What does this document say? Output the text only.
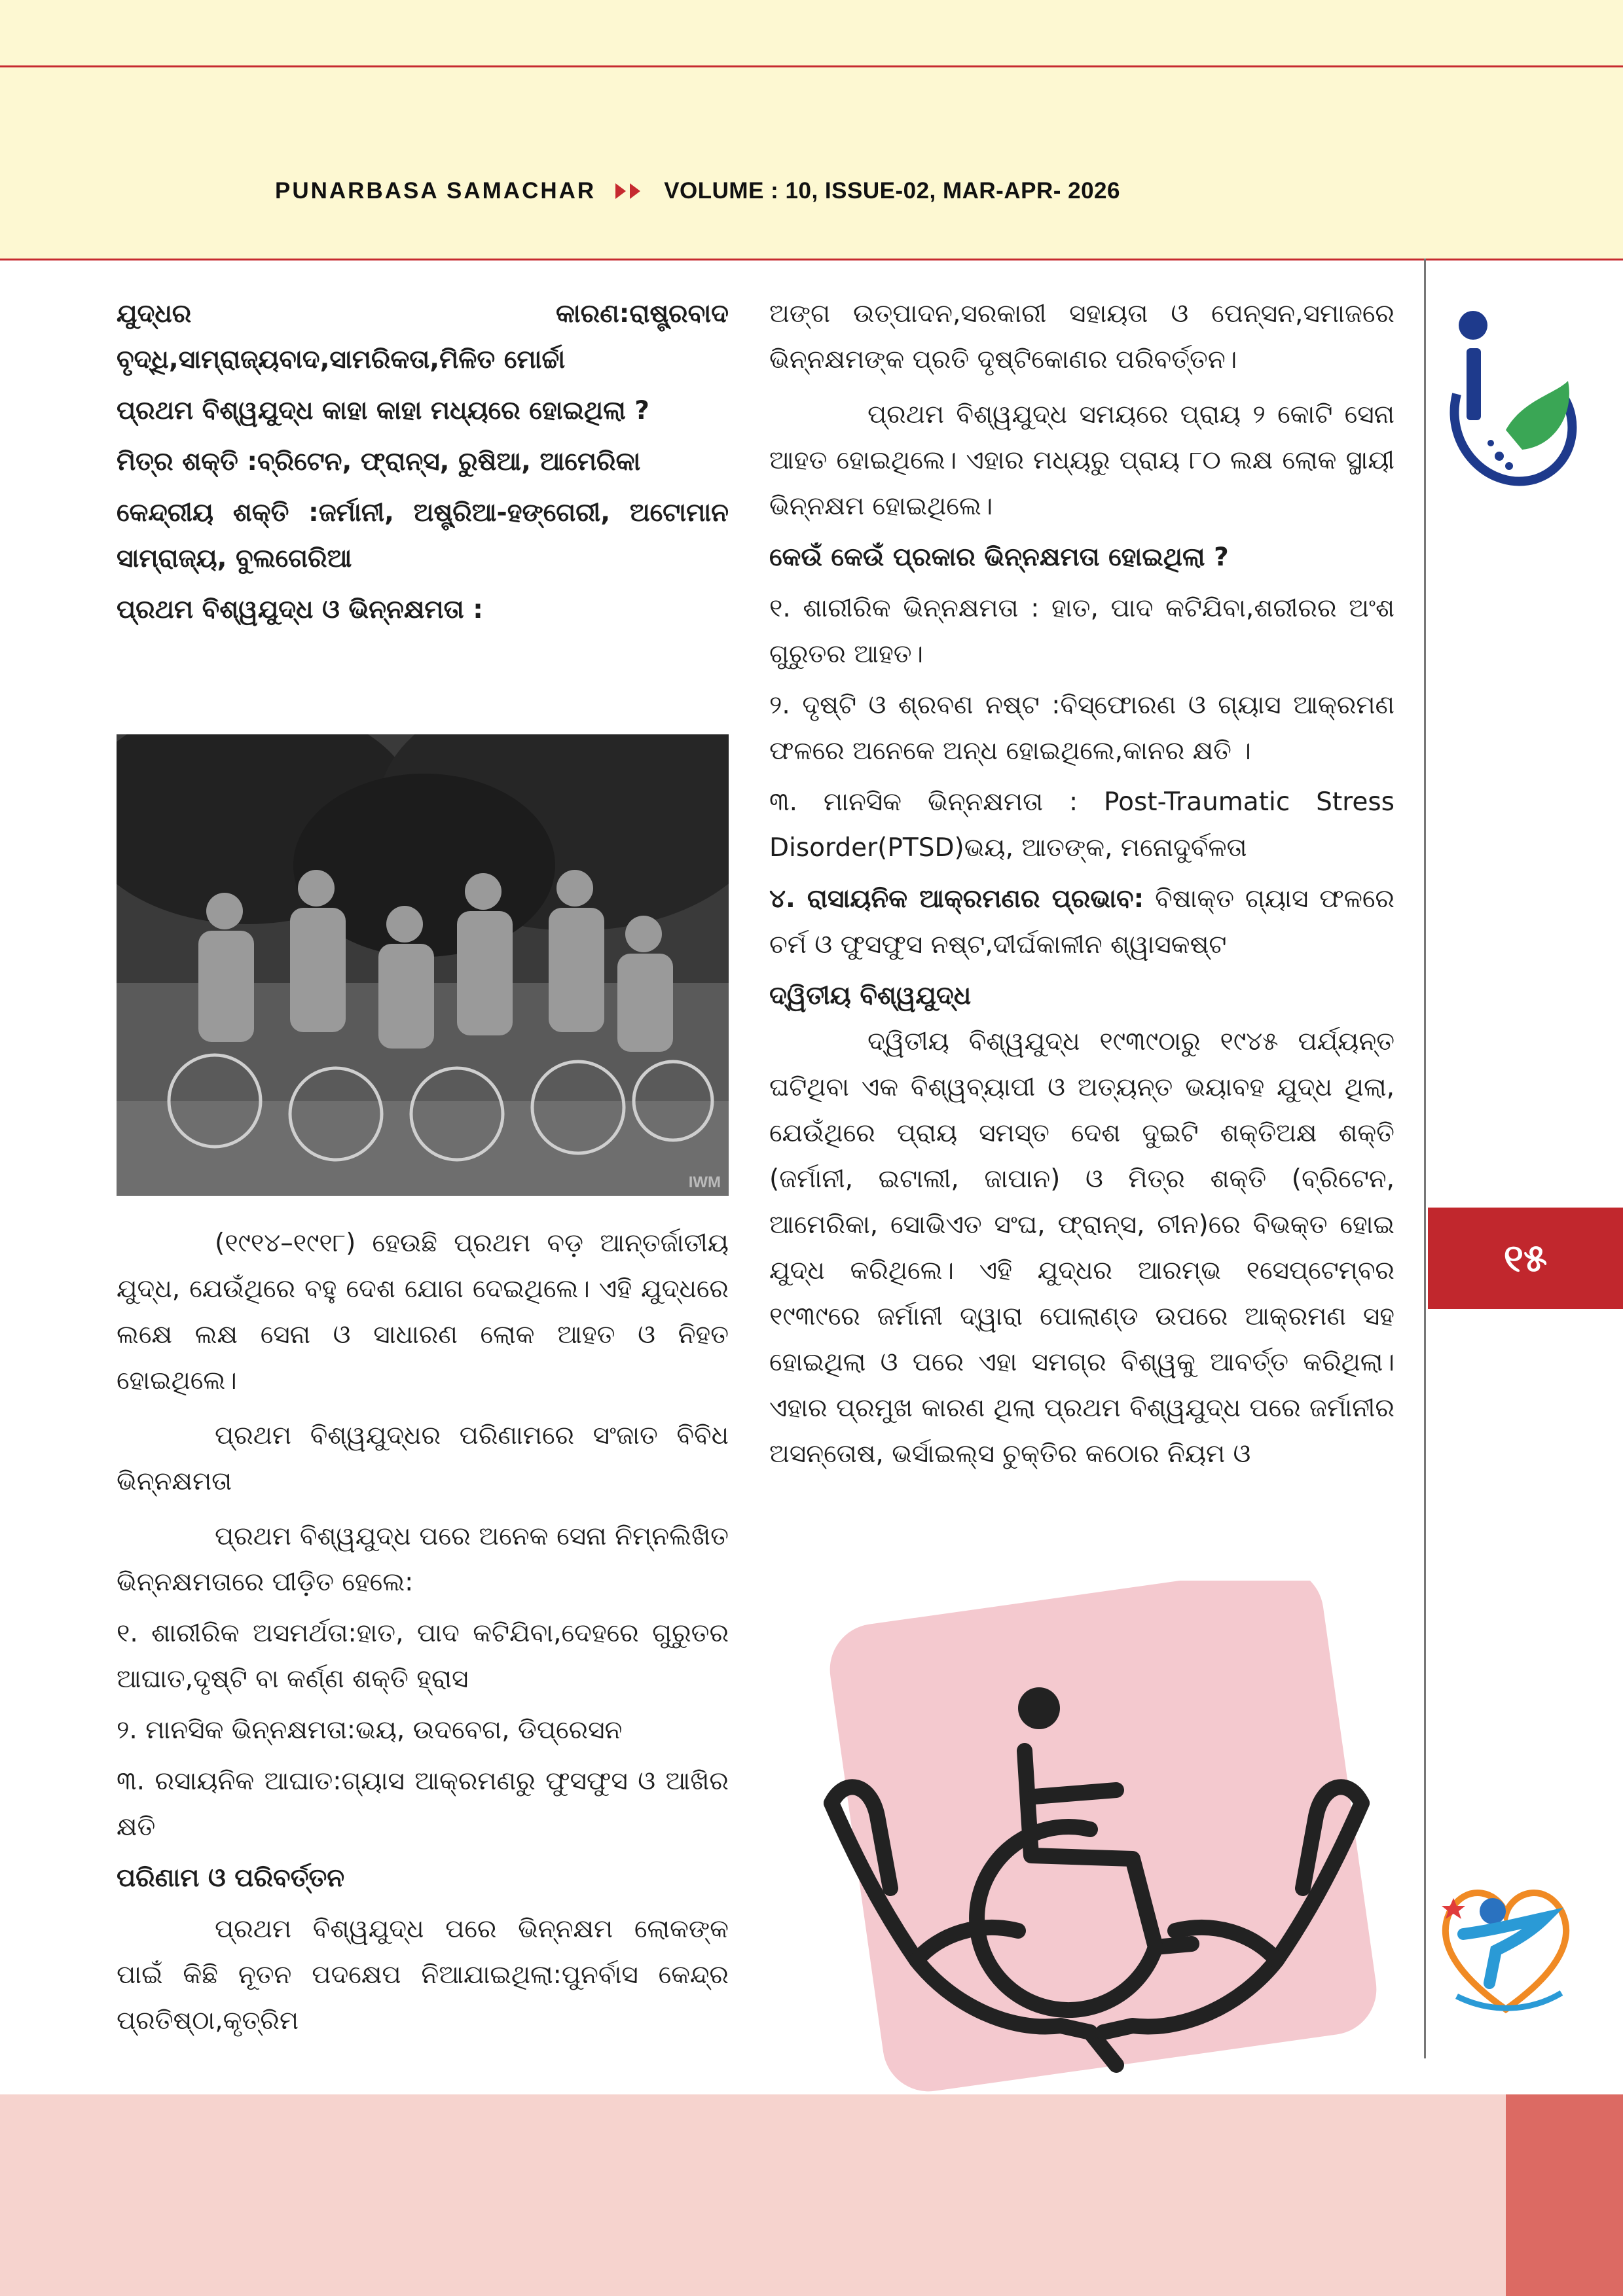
PUNARBASA SAMACHAR	VOLUME : 10, ISSUE-02, MAR-APR- 2026

ଯୁଦ୍ଧର କାରଣ:ରାଷ୍ଟ୍ରବାଦ ବୃଦ୍ଧି,ସାମ୍ରାଜ୍ୟବାଦ,ସାମରିକତା,ମିଳିତ ମୋର୍ଚ୍ଚା

ପ୍ରଥମ ବିଶ୍ୱଯୁଦ୍ଧ କାହା କାହା ମଧ୍ୟରେ ହୋଇଥିଲା ?

ମିତ୍ର ଶକ୍ତି :ବ୍ରିଟେନ, ଫ୍ରାନ୍ସ, ରୁଷିଆ, ଆମେରିକା

କେନ୍ଦ୍ରୀୟ ଶକ୍ତି :ଜର୍ମାନୀ, ଅଷ୍ଟ୍ରିଆ-ହଙ୍ଗେରୀ, ଅଟୋମାନ ସାମ୍ରାଜ୍ୟ, ବୁଲଗେରିଆ

ପ୍ରଥମ ବିଶ୍ୱଯୁଦ୍ଧ ଓ ଭିନ୍ନକ୍ଷମତା :

IWM

(୧୯୧୪–୧୯୧୮) ହେଉଛି ପ୍ରଥମ ବଡ଼ ଆନ୍ତର୍ଜାତୀୟ ଯୁଦ୍ଧ, ଯେଉଁଥିରେ ବହୁ ଦେଶ ଯୋଗ ଦେଇଥିଲେ। ଏହି ଯୁଦ୍ଧରେ ଲକ୍ଷେ ଲକ୍ଷ ସେନା ଓ ସାଧାରଣ ଲୋକ ଆହତ ଓ ନିହତ ହୋଇଥିଲେ।

ପ୍ରଥମ ବିଶ୍ୱଯୁଦ୍ଧର ପରିଣାମରେ ସଂଜାତ ବିବିଧ ଭିନ୍ନକ୍ଷମତା

ପ୍ରଥମ ବିଶ୍ୱଯୁଦ୍ଧ ପରେ ଅନେକ ସେନା ନିମ୍ନଲିଖିତ ଭିନ୍ନକ୍ଷମତାରେ ପୀଡ଼ିତ ହେଲେ:

୧. ଶାରୀରିକ ଅସମର୍ଥତା:ହାତ, ପାଦ କଟିଯିବା,ଦେହରେ ଗୁରୁତର ଆଘାତ,ଦୃଷ୍ଟି ବା କର୍ଣ୍ଣ ଶକ୍ତି ହ୍ରାସ

୨. ମାନସିକ ଭିନ୍ନକ୍ଷମତା:ଭୟ, ଉଦବେଗ, ଡିପ୍ରେସନ

୩. ରସାୟନିକ ଆଘାତ:ଗ୍ୟାସ ଆକ୍ରମଣରୁ ଫୁସଫୁସ ଓ ଆଖିର କ୍ଷତି

ପରିଣାମ ଓ ପରିବର୍ତ୍ତନ

ପ୍ରଥମ ବିଶ୍ୱଯୁଦ୍ଧ ପରେ ଭିନ୍ନକ୍ଷମ ଲୋକଙ୍କ ପାଇଁ କିଛି ନୂତନ ପଦକ୍ଷେପ ନିଆଯାଇଥିଲା:ପୁନର୍ବାସ କେନ୍ଦ୍ର ପ୍ରତିଷ୍ଠା,କୃତ୍ରିମ

ଅଙ୍ଗ ଉତ୍ପାଦନ,ସରକାରୀ ସହାୟତା ଓ ପେନ୍ସନ,ସମାଜରେ ଭିନ୍ନକ୍ଷମଙ୍କ ପ୍ରତି ଦୃଷ୍ଟିକୋଣର ପରିବର୍ତ୍ତନ।

ପ୍ରଥମ ବିଶ୍ୱଯୁଦ୍ଧ ସମୟରେ ପ୍ରାୟ ୨ କୋଟି ସେନା ଆହତ ହୋଇଥିଲେ। ଏହାର ମଧ୍ୟରୁ ପ୍ରାୟ ୮୦ ଲକ୍ଷ ଲୋକ ସ୍ଥାୟୀ ଭିନ୍ନକ୍ଷମ ହୋଇଥିଲେ।

କେଉଁ କେଉଁ ପ୍ରକାର ଭିନ୍ନକ୍ଷମତା ହୋଇଥିଲା ?

୧. ଶାରୀରିକ ଭିନ୍ନକ୍ଷମତା : ହାତ, ପାଦ କଟିଯିବା,ଶରୀରର ଅଂଶ ଗୁରୁତର ଆହତ।

୨. ଦୃଷ୍ଟି ଓ ଶ୍ରବଣ ନଷ୍ଟ :ବିସ୍ଫୋରଣ ଓ ଗ୍ୟାସ ଆକ୍ରମଣ ଫଳରେ ଅନେକେ ଅନ୍ଧ ହୋଇଥିଲେ,କାନର କ୍ଷତି ।

୩. ମାନସିକ ଭିନ୍ନକ୍ଷମତା : Post-Traumatic Stress Disorder(PTSD)ଭୟ, ଆତଙ୍କ, ମନୋଦୁର୍ବଳତା

୪. ରାସାୟନିକ ଆକ୍ରମଣର ପ୍ରଭାବ: ବିଷାକ୍ତ ଗ୍ୟାସ ଫଳରେ ଚର୍ମ ଓ ଫୁସଫୁସ ନଷ୍ଟ,ଦୀର୍ଘକାଳୀନ ଶ୍ୱାସକଷ୍ଟ

ଦ୍ୱିତୀୟ ବିଶ୍ୱଯୁଦ୍ଧ

ଦ୍ୱିତୀୟ ବିଶ୍ୱଯୁଦ୍ଧ ୧୯୩୯ଠାରୁ ୧୯୪୫ ପର୍ଯ୍ୟନ୍ତ ଘଟିଥିବା ଏକ ବିଶ୍ୱବ୍ୟାପୀ ଓ ଅତ୍ୟନ୍ତ ଭୟାବହ ଯୁଦ୍ଧ ଥିଲା, ଯେଉଁଥିରେ ପ୍ରାୟ ସମସ୍ତ ଦେଶ ଦୁଇଟି ଶକ୍ତିଅକ୍ଷ ଶକ୍ତି (ଜର୍ମାନୀ, ଇଟାଲୀ, ଜାପାନ) ଓ ମିତ୍ର ଶକ୍ତି (ବ୍ରିଟେନ, ଆମେରିକା, ସୋଭିଏତ ସଂଘ, ଫ୍ରାନ୍ସ, ଚୀନ)ରେ ବିଭକ୍ତ ହୋଇ ଯୁଦ୍ଧ କରିଥିଲେ। ଏହି ଯୁଦ୍ଧର ଆରମ୍ଭ ୧ସେପ୍ଟେମ୍ବର ୧୯୩୯ରେ ଜର୍ମାନୀ ଦ୍ୱାରା ପୋଲାଣ୍ଡ ଉପରେ ଆକ୍ରମଣ ସହ ହୋଇଥିଲା ଓ ପରେ ଏହା ସମଗ୍ର ବିଶ୍ୱକୁ ଆବର୍ତ୍ତ କରିଥିଲା। ଏହାର ପ୍ରମୁଖ କାରଣ ଥିଲା ପ୍ରଥମ ବିଶ୍ୱଯୁଦ୍ଧ ପରେ ଜର୍ମାନୀର ଅସନ୍ତୋଷ, ଭର୍ସାଇଲ୍ସ ଚୁକ୍ତିର କଠୋର ନିୟମ ଓ

୧୫
